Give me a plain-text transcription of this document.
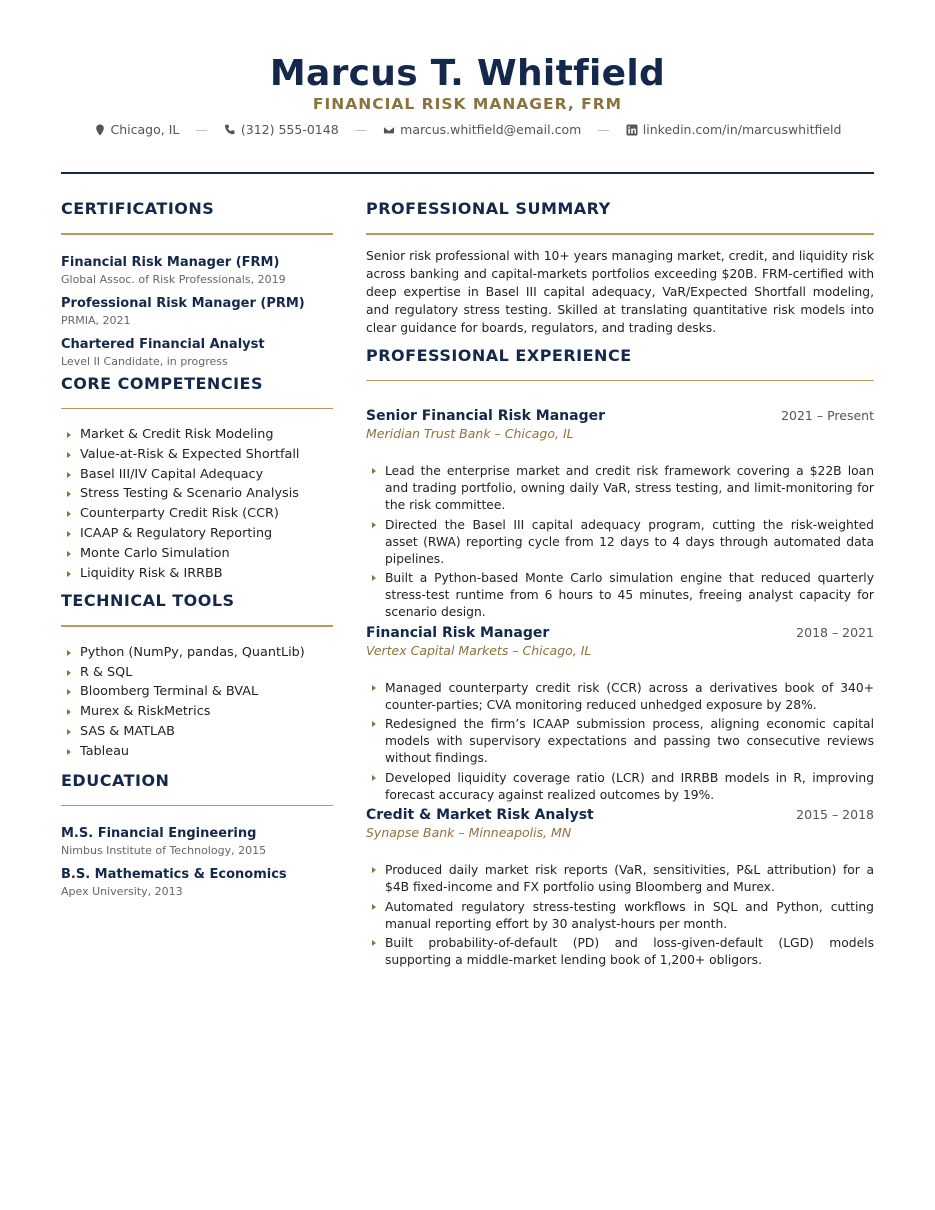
Marcus T. Whitfield
FINANCIAL RISK MANAGER, FRM
Chicago, IL —	(312) 555-0148 —	marcus.whitfield@email.com —	linkedin.com/in/marcuswhitfield
CERTIFICATIONS
Financial Risk Manager (FRM)
Global Assoc. of Risk Professionals, 2019
Professional Risk Manager (PRM)
PRMIA, 2021
Chartered Financial Analyst
Level II Candidate, in progress
CORE COMPETENCIES
Market & Credit Risk Modeling
Value-at-Risk & Expected Shortfall
Basel III/IV Capital Adequacy
Stress Testing & Scenario Analysis
Counterparty Credit Risk (CCR)
ICAAP & Regulatory Reporting
Monte Carlo Simulation
Liquidity Risk & IRRBB
TECHNICAL TOOLS
Python (NumPy, pandas, QuantLib)
R & SQL
Bloomberg Terminal & BVAL
Murex & RiskMetrics
SAS & MATLAB
Tableau
EDUCATION
M.S. Financial Engineering
Nimbus Institute of Technology, 2015
B.S. Mathematics & Economics
Apex University, 2013
PROFESSIONAL SUMMARY

Senior risk professional with 10+ years managing market, credit, and liquidity risk across banking and capital-markets portfolios exceeding $20B. FRM-certified with deep expertise in Basel III capital adequacy, VaR/Expected Shortfall modeling, and regulatory stress testing. Skilled at translating quantitative risk models into clear guidance for boards, regulators, and trading desks.

PROFESSIONAL EXPERIENCE
Senior Financial Risk Manager	2021 – Present
Meridian Trust Bank – Chicago, IL
Lead the enterprise market and credit risk framework covering a $22B loan and trading portfolio, owning daily VaR, stress testing, and limit-monitoring for the risk committee.
Directed the Basel III capital adequacy program, cutting the risk-weighted asset (RWA) reporting cycle from 12 days to 4 days through automated data pipelines.
Built a Python-based Monte Carlo simulation engine that reduced quarterly stress-test runtime from 6 hours to 45 minutes, freeing analyst capacity for scenario design.
Financial Risk Manager	2018 – 2021
Vertex Capital Markets – Chicago, IL
Managed counterparty credit risk (CCR) across a derivatives book of 340+ counter-parties; CVA monitoring reduced unhedged exposure by 28%.
Redesigned the firm’s ICAAP submission process, aligning economic capital models with supervisory expectations and passing two consecutive reviews without findings.
Developed liquidity coverage ratio (LCR) and IRRBB models in R, improving forecast accuracy against realized outcomes by 19%.
Credit & Market Risk Analyst	2015 – 2018
Synapse Bank – Minneapolis, MN
Produced daily market risk reports (VaR, sensitivities, P&L attribution) for a $4B fixed-income and FX portfolio using Bloomberg and Murex.
Automated regulatory stress-testing workflows in SQL and Python, cutting manual reporting effort by 30 analyst-hours per month.
Built probability-of-default (PD) and loss-given-default (LGD) models supporting a middle-market lending book of 1,200+ obligors.
